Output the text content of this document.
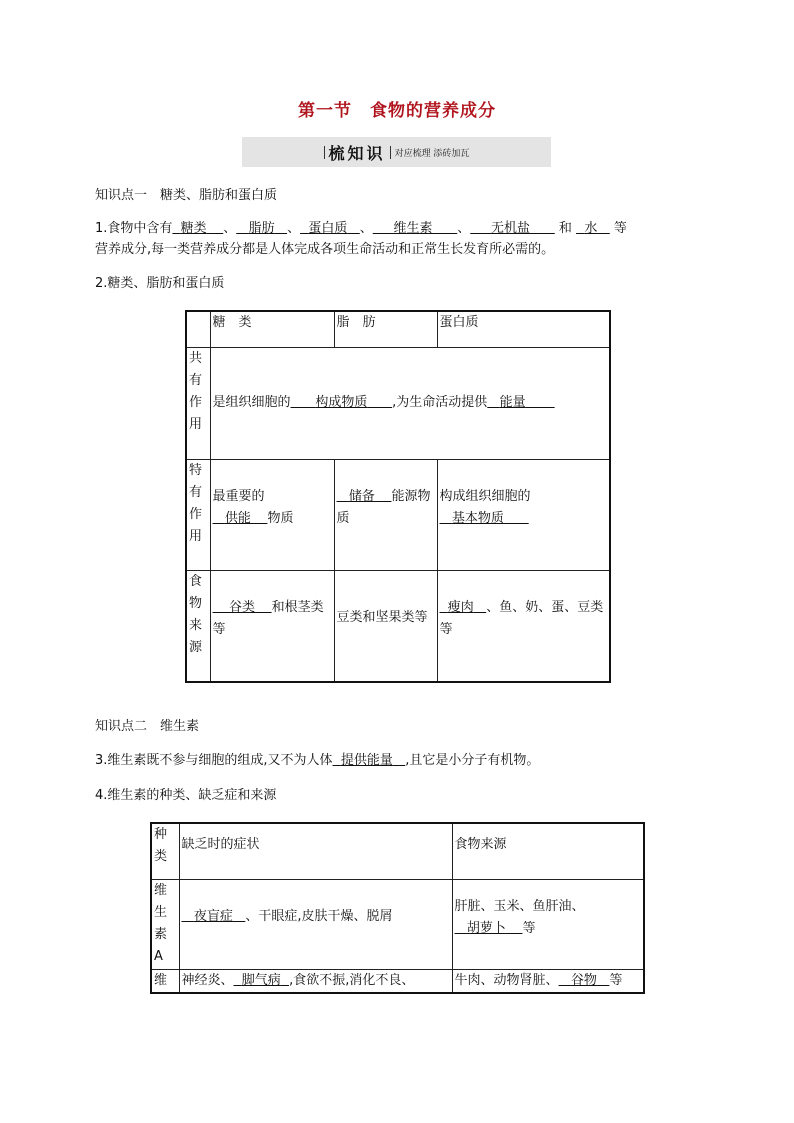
第一节　食物的营养成分
梳知识 对应梳理 添砖加瓦
知识点一　糖类、脂肪和蛋白质
1.食物中含有 糖类 、 脂肪 、 蛋白质 、 维生素 、 无机盐 和 水 等
营养成分,每一类营养成分都是人体完成各项生命活动和正常生长发育所必需的。
2.糖类、脂肪和蛋白质
	糖　类	脂　肪	蛋白质

共有作用	是组织细胞的 构成物质 ,为生命活动提供 能量		

特有作用	最重要的   供能 物质	储备 能源物质	构成组织细胞的   基本物质

食物来源	谷类 和根茎类等	豆类和坚果类等	瘦肉 、鱼、奶、蛋、豆类等
知识点二　维生素
3.维生素既不参与细胞的组成,又不为人体 提供能量 ,且它是小分子有机物。
4.维生素的种类、缺乏症和来源
种类	缺乏时的症状	食物来源

维生素A	夜盲症 、干眼症,皮肤干燥、脱屑	肝脏、玉米、鱼肝油、   胡萝卜 等

维	神经炎、 脚气病 ,食欲不振,消化不良、	牛肉、动物肾脏、 谷物 等
